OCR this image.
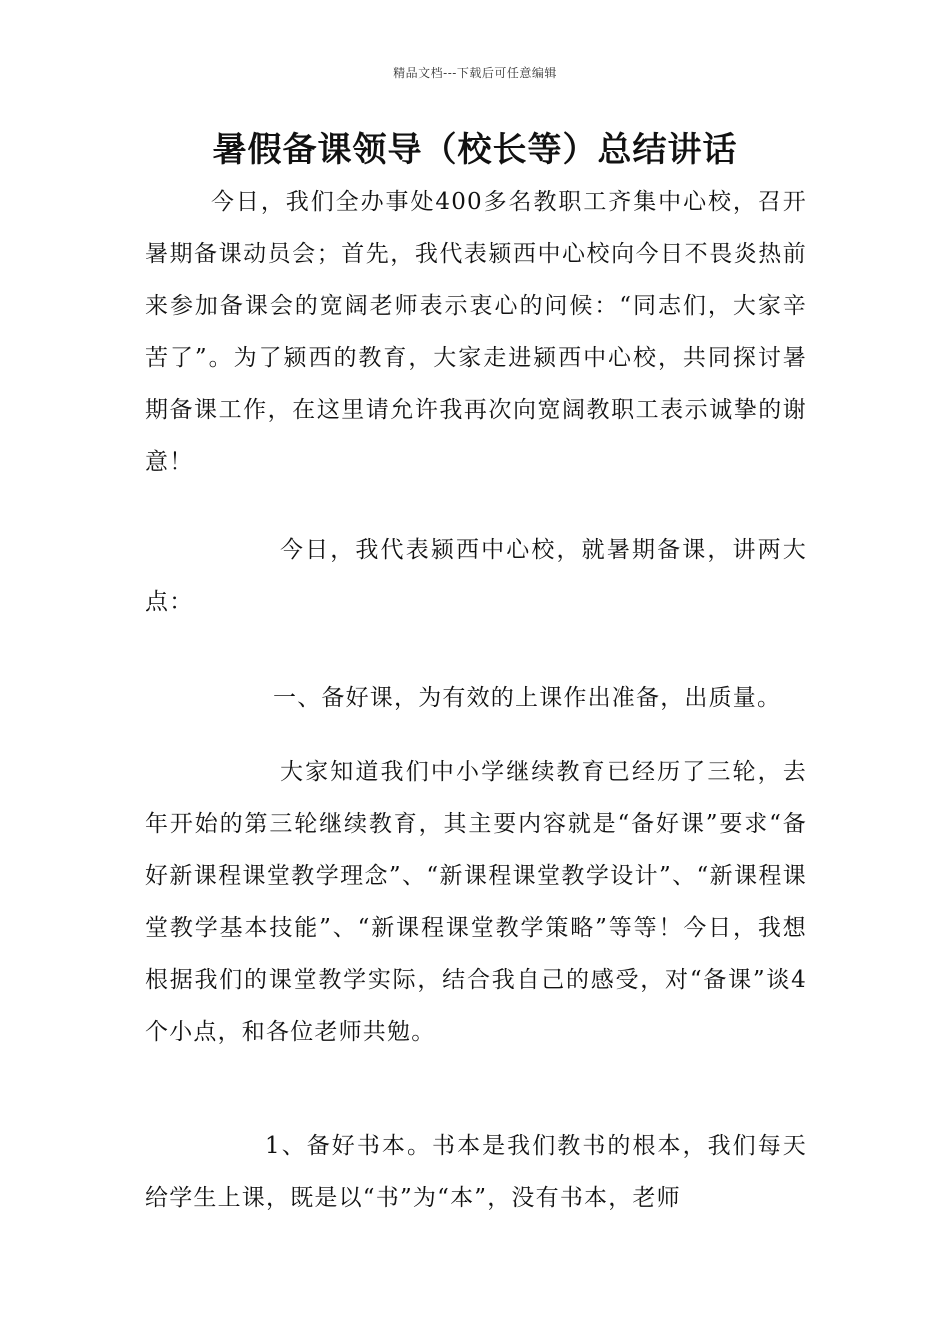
精品文档---下载后可任意编辑
暑假备课领导（校长等）总结讲话

今日，我们全办事处400多名教职工齐集中心校，召开暑期备课动员会；首先，我代表颍西中心校向今日不畏炎热前来参加备课会的宽阔老师表示衷心的问候：“同志们，大家辛苦了”。为了颍西的教育，大家走进颍西中心校，共同探讨暑期备课工作，在这里请允许我再次向宽阔教职工表示诚挚的谢意！

今日，我代表颍西中心校，就暑期备课，讲两大点：

一、备好课，为有效的上课作出准备，出质量。

大家知道我们中小学继续教育已经历了三轮，去年开始的第三轮继续教育，其主要内容就是“备好课”要求“备好新课程课堂教学理念”、“新课程课堂教学设计”、“新课程课堂教学基本技能”、“新课程课堂教学策略”等等！今日，我想根据我们的课堂教学实际，结合我自己的感受，对“备课”谈4个小点，和各位老师共勉。

1、备好书本。书本是我们教书的根本，我们每天给学生上课，既是以“书”为“本”，没有书本，老师
